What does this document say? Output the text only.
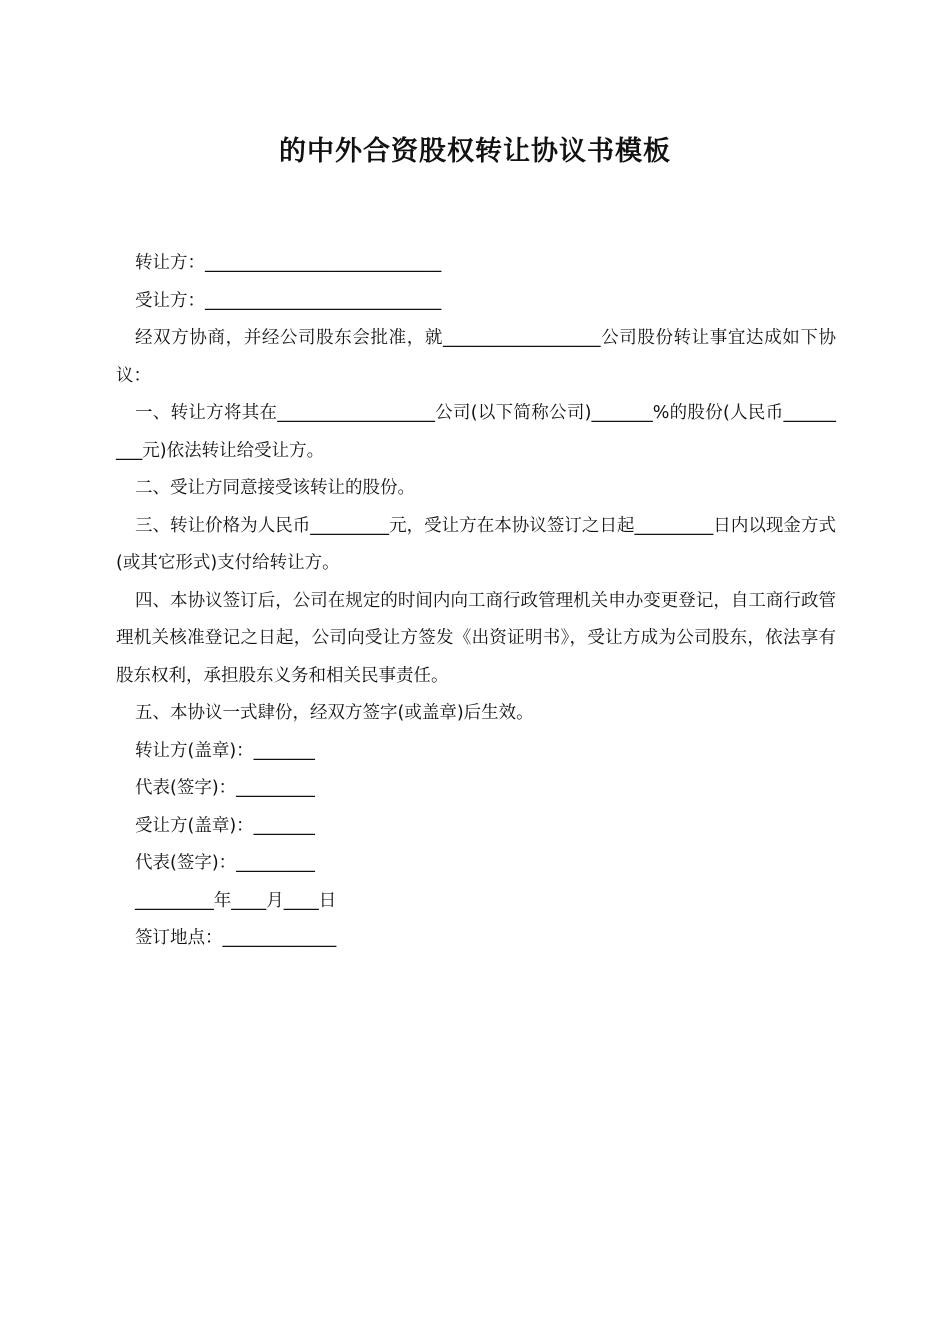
的中外合资股权转让协议书模板

转让方：___________________________

受让方：___________________________

经双方协商，并经公司股东会批准，就__________________公司股份转让事宜达成如下协议：

一、转让方将其在__________________公司(以下简称公司)_______%的股份(人民币_________元)依法转让给受让方。

二、受让方同意接受该转让的股份。

三、转让价格为人民币_________元，受让方在本协议签订之日起_________日内以现金方式(或其它形式)支付给转让方。

四、本协议签订后，公司在规定的时间内向工商行政管理机关申办变更登记，自工商行政管理机关核准登记之日起，公司向受让方签发《出资证明书》，受让方成为公司股东，依法享有股东权利，承担股东义务和相关民事责任。

五、本协议一式肆份，经双方签字(或盖章)后生效。

转让方(盖章)：_______

代表(签字)：_________

受让方(盖章)：_______

代表(签字)：_________

_________年____月____日

签订地点：_____________
